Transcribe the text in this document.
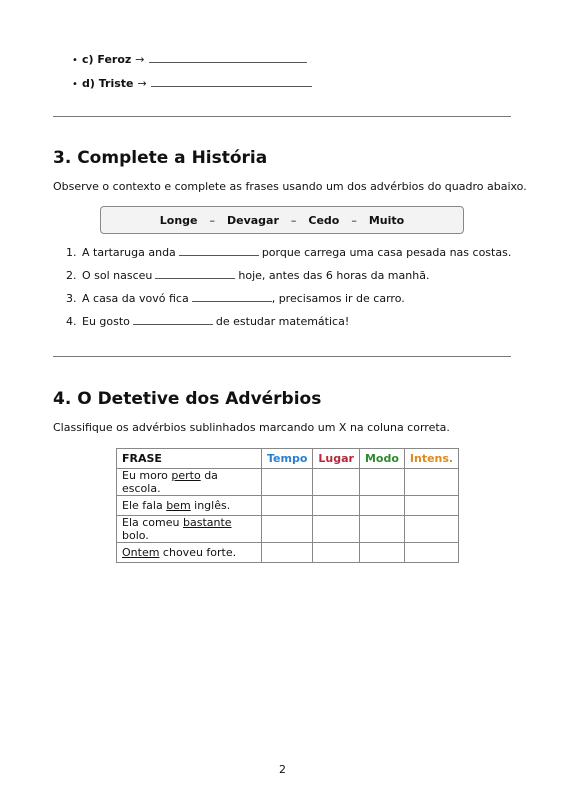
• c) Feroz →
• d) Triste →
3. Complete a História

Observe o contexto e complete as frases usando um dos advérbios do quadro abaixo.

Longe – Devagar – Cedo – Muito
1. A tartaruga anda	porque carrega uma casa pesada nas costas.
2. O sol nasceu	hoje, antes das 6 horas da manhã.
3. A casa da vovó fica	, precisamos ir de carro.
4. Eu gosto	de estudar matemática!
4. O Detetive dos Advérbios

Classifique os advérbios sublinhados marcando um X na coluna correta.

FRASE	Tempo	Lugar	Modo	Intens.
Eu moro perto da escola.				
Ele fala bem inglês.				
Ela comeu bastante bolo.				
Ontem choveu forte.				
2
